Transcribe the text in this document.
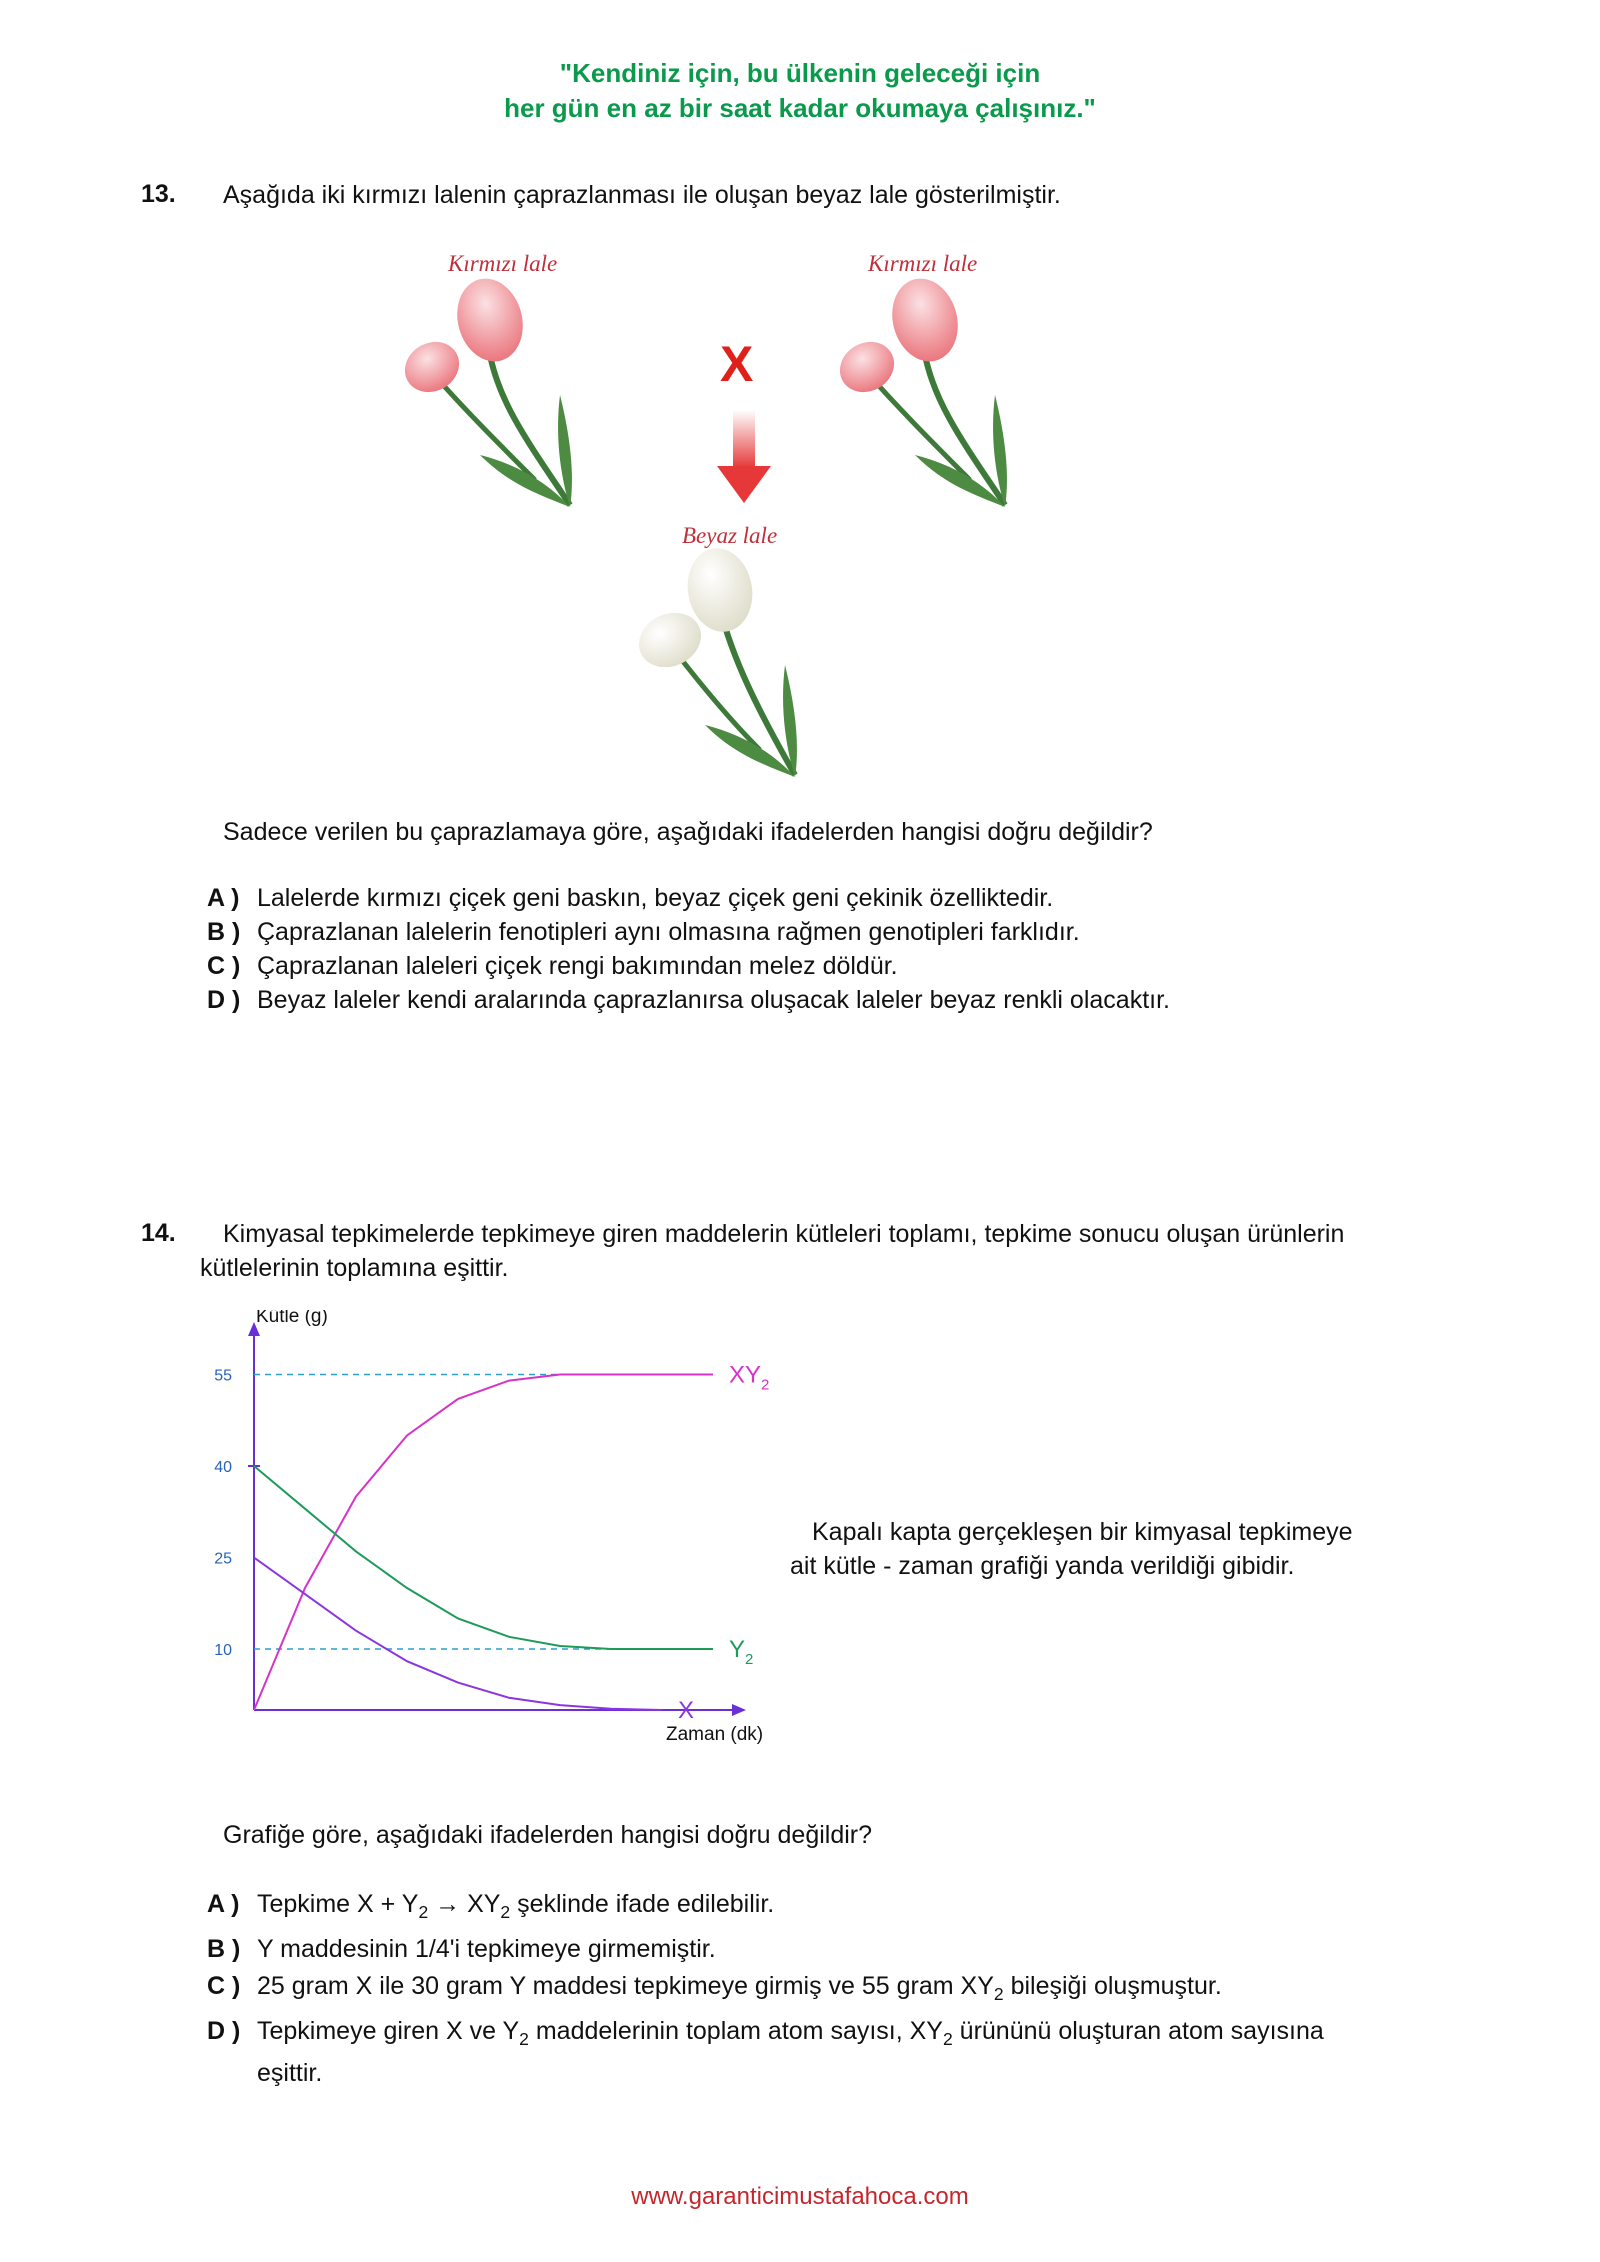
"Kendiniz için, bu ülkenin geleceği için
her gün en az bir saat kadar okumaya çalışınız."
13. Aşağıda iki kırmızı lalenin çaprazlanması ile oluşan beyaz lale gösterilmiştir.
Kırmızı lale	Kırmızı lale
X
Beyaz lale
Sadece verilen bu çaprazlamaya göre, aşağıdaki ifadelerden hangisi doğru değildir?
A ) Lalelerde kırmızı çiçek geni baskın, beyaz çiçek geni çekinik özelliktedir.
B ) Çaprazlanan lalelerin fenotipleri aynı olmasına rağmen genotipleri farklıdır.
C ) Çaprazlanan laleleri çiçek rengi bakımından melez döldür.
D ) Beyaz laleler kendi aralarında çaprazlanırsa oluşacak laleler beyaz renkli olacaktır.
14. Kimyasal tepkimelerde tepkimeye giren maddelerin kütleleri toplamı, tepkime sonucu oluşan ürünlerin
kütlelerinin toplamına eşittir.
Kütle (g)
Zaman (dk)
55
40
25
10
$XY_2$
$Y_2$
X
Kapalı kapta gerçekleşen bir kimyasal tepkimeye
ait kütle - zaman grafiği yanda verildiği gibidir.
Grafiğe göre, aşağıdaki ifadelerden hangisi doğru değildir?
A ) Tepkime $X + Y_2 \to XY_2$ şeklinde ifade edilebilir.
B ) Y maddesinin 1/4'i tepkimeye girmemiştir.
C ) 25 gram X ile 30 gram Y maddesi tepkimeye girmiş ve 55 gram $XY_2$ bileşiği oluşmuştur.
D ) Tepkimeye giren X ve $Y_2$ maddelerinin toplam atom sayısı, $XY_2$ ürününü oluşturan atom sayısına
eşittir.
www.garanticimustafahoca.com
